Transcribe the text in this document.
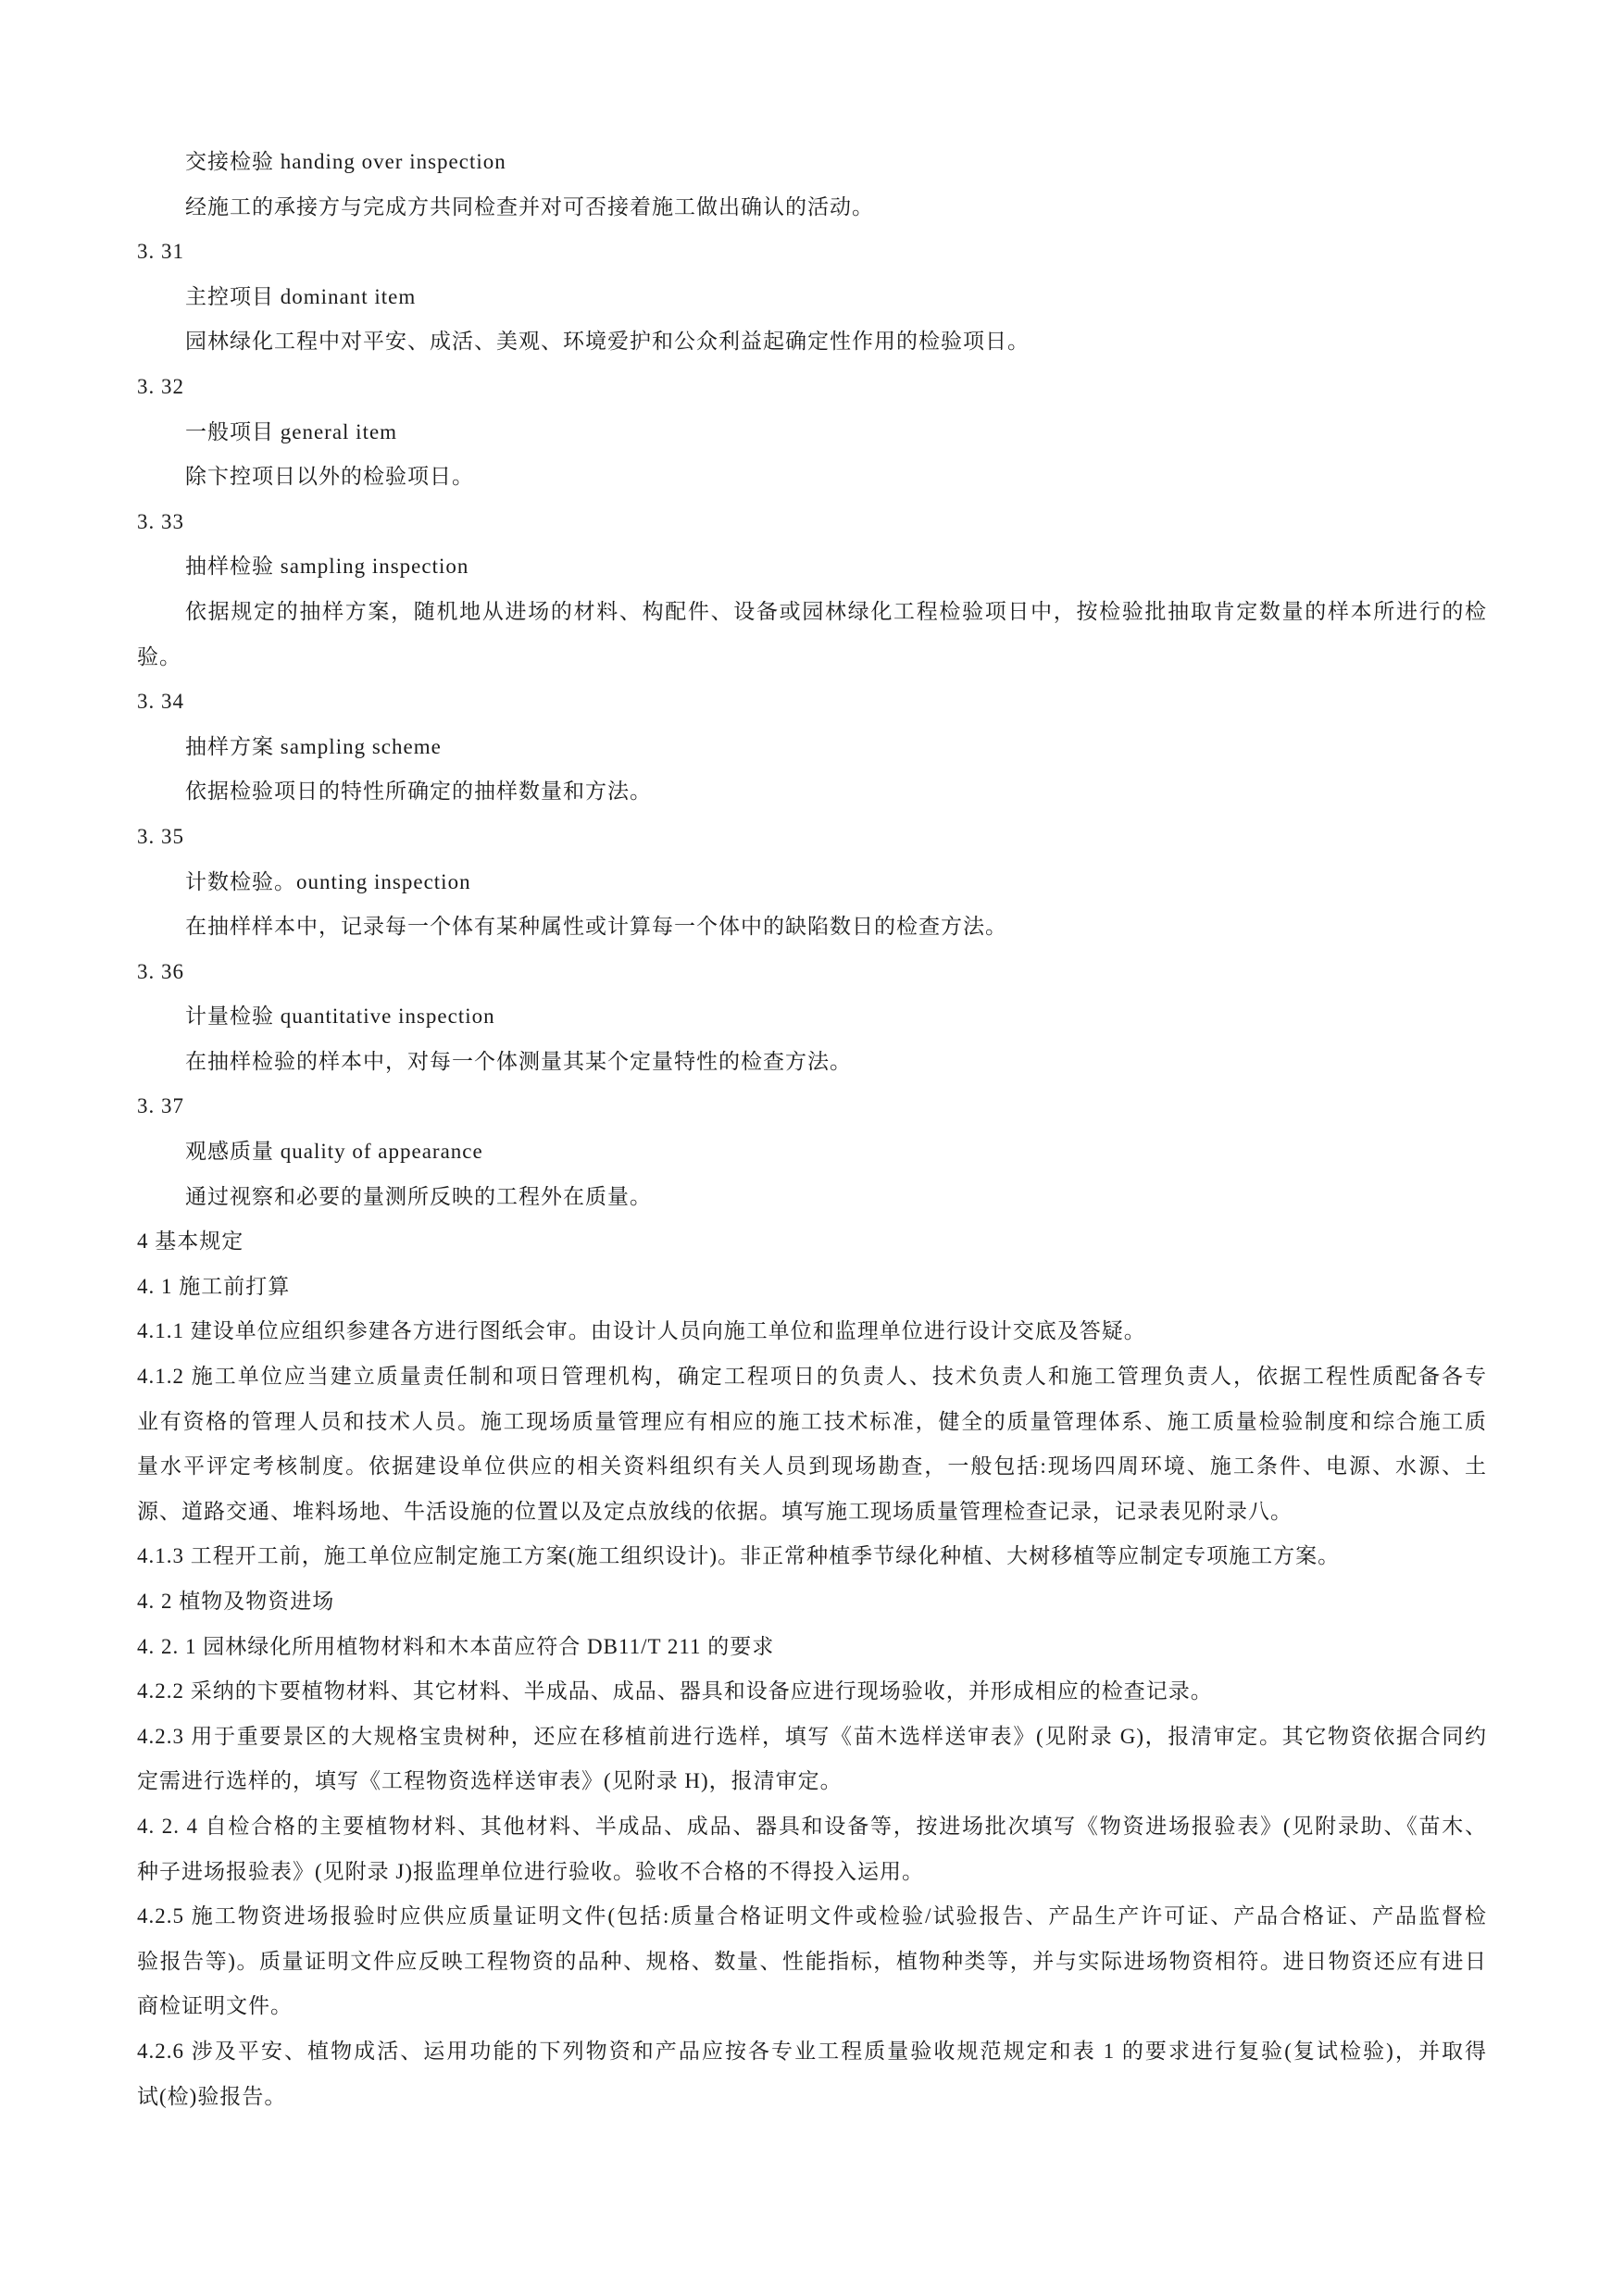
交接检验 handing over inspection
经施工的承接方与完成方共同检查并对可否接着施工做出确认的活动。
3. 31
主控项目 dominant item
园林绿化工程中对平安、成活、美观、环境爱护和公众利益起确定性作用的检验项日。
3. 32
一般项目 general item
除卞控项日以外的检验项日。
3. 33
抽样检验 sampling inspection
依据规定的抽样方案，随机地从进场的材料、构配件、设备或园林绿化工程检验项日中，按检验批抽取肯定数量的样本所进行的检
验。
3. 34
抽样方案 sampling scheme
依据检验项日的特性所确定的抽样数量和方法。
3. 35
计数检验。ounting inspection
在抽样样本中，记录每一个体有某种属性或计算每一个体中的缺陷数日的检查方法。
3. 36
计量检验 quantitative inspection
在抽样检验的样本中，对每一个体测量其某个定量特性的检查方法。
3. 37
观感质量 quality of appearance
通过视察和必要的量测所反映的工程外在质量。
4 基本规定
4. 1 施工前打算
4.1.1 建设单位应组织参建各方进行图纸会审。由设计人员向施工单位和监理单位进行设计交底及答疑。
4.1.2 施工单位应当建立质量责任制和项日管理机构，确定工程项日的负责人、技术负责人和施工管理负责人，依据工程性质配备各专
业有资格的管理人员和技术人员。施工现场质量管理应有相应的施工技术标准，健全的质量管理体系、施工质量检验制度和综合施工质
量水平评定考核制度。依据建设单位供应的相关资料组织有关人员到现场勘查，一般包括:现场四周环境、施工条件、电源、水源、土
源、道路交通、堆料场地、牛活设施的位置以及定点放线的依据。填写施工现场质量管理检查记录，记录表见附录八。
4.1.3 工程开工前，施工单位应制定施工方案(施工组织设计)。非正常种植季节绿化种植、大树移植等应制定专项施工方案。
4. 2 植物及物资进场
4. 2. 1 园林绿化所用植物材料和木本苗应符合 DB11/T 211 的要求
4.2.2 采纳的卞要植物材料、其它材料、半成品、成品、器具和设备应进行现场验收，并形成相应的检查记录。
4.2.3 用于重要景区的大规格宝贵树种，还应在移植前进行选样，填写《苗木选样送审表》(见附录 G)，报清审定。其它物资依据合同约
定需进行选样的，填写《工程物资选样送审表》(见附录 H)，报清审定。
4. 2. 4 自检合格的主要植物材料、其他材料、半成品、成品、器具和设备等，按进场批次填写《物资进场报验表》(见附录助、《苗木、
种子进场报验表》(见附录 J)报监理单位进行验收。验收不合格的不得投入运用。
4.2.5 施工物资进场报验时应供应质量证明文件(包括:质量合格证明文件或检验/试验报告、产品生产许可证、产品合格证、产品监督检
验报告等)。质量证明文件应反映工程物资的品种、规格、数量、性能指标，植物种类等，并与实际进场物资相符。进日物资还应有进日
商检证明文件。
4.2.6 涉及平安、植物成活、运用功能的下列物资和产品应按各专业工程质量验收规范规定和表 1 的要求进行复验(复试检验)，并取得
试(检)验报告。
